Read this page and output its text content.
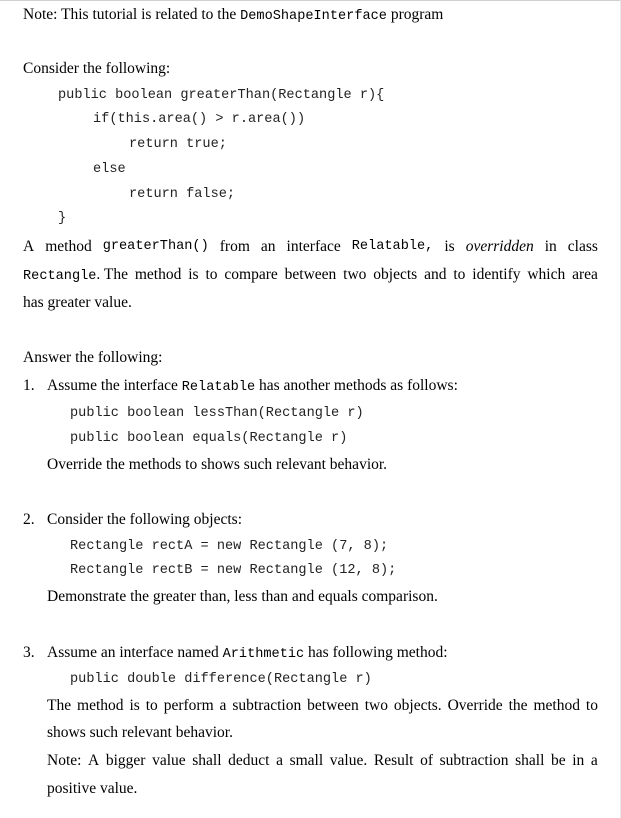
Note: This tutorial is related to the DemoShapeInterface program
Consider the following:
public boolean greaterThan(Rectangle r){
if(this.area() > r.area())
return true;
else
return false;
}
A method greaterThan() from an interface Relatable, is overridden in class
Rectangle. The method is to compare between two objects and to identify which area
has greater value.
Answer the following:
1. Assume the interface Relatable has another methods as follows:
public boolean lessThan(Rectangle r)
public boolean equals(Rectangle r)
Override the methods to shows such relevant behavior.
2. Consider the following objects:
Rectangle rectA = new Rectangle (7, 8);
Rectangle rectB = new Rectangle (12, 8);
Demonstrate the greater than, less than and equals comparison.
3. Assume an interface named Arithmetic has following method:
public double difference(Rectangle r)
The method is to perform a subtraction between two objects. Override the method to
shows such relevant behavior.
Note: A bigger value shall deduct a small value. Result of subtraction shall be in a
positive value.
